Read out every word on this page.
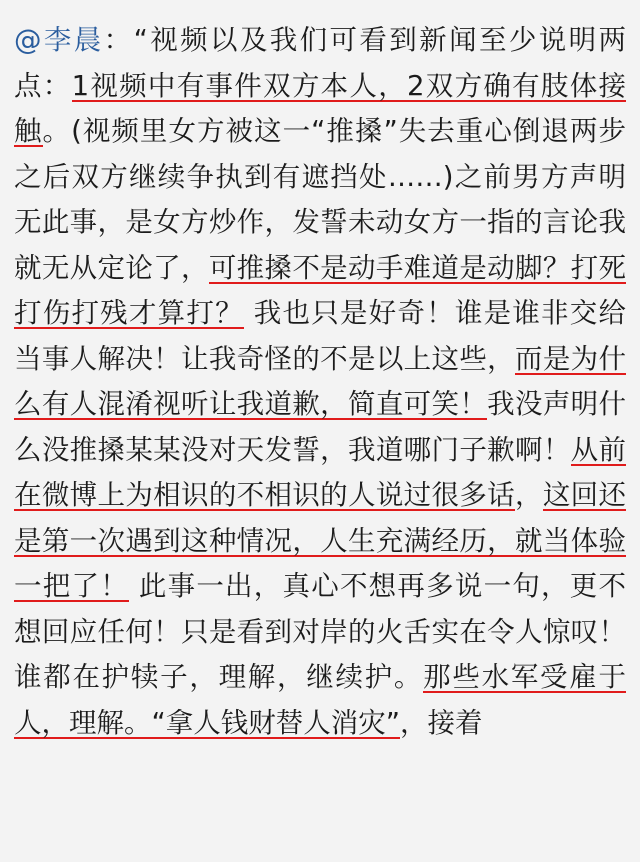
@李晨：“视频以及我们可看到新闻至少说明两点：1视频中有事件双方本人，2双方确有肢体接触。(视频里女方被这一“推搡”失去重心倒退两步之后双方继续争执到有遮挡处……)之前男方声明无此事，是女方炒作，发誓未动女方一指的言论我就无从定论了，可推搡不是动手难道是动脚？打死打伤打残才算打？ 我也只是好奇！谁是谁非交给当事人解决！让我奇怪的不是以上这些，而是为什么有人混淆视听让我道歉，简直可笑！我没声明什么没推搡某某没对天发誓，我道哪门子歉啊！从前在微博上为相识的不相识的人说过很多话，这回还是第一次遇到这种情况，人生充满经历，就当体验一把了！ 此事一出，真心不想再多说一句，更不想回应任何！只是看到对岸的火舌实在令人惊叹！谁都在护犊子，理解，继续护。那些水军受雇于人，理解。“拿人钱财替人消灾”，接着
